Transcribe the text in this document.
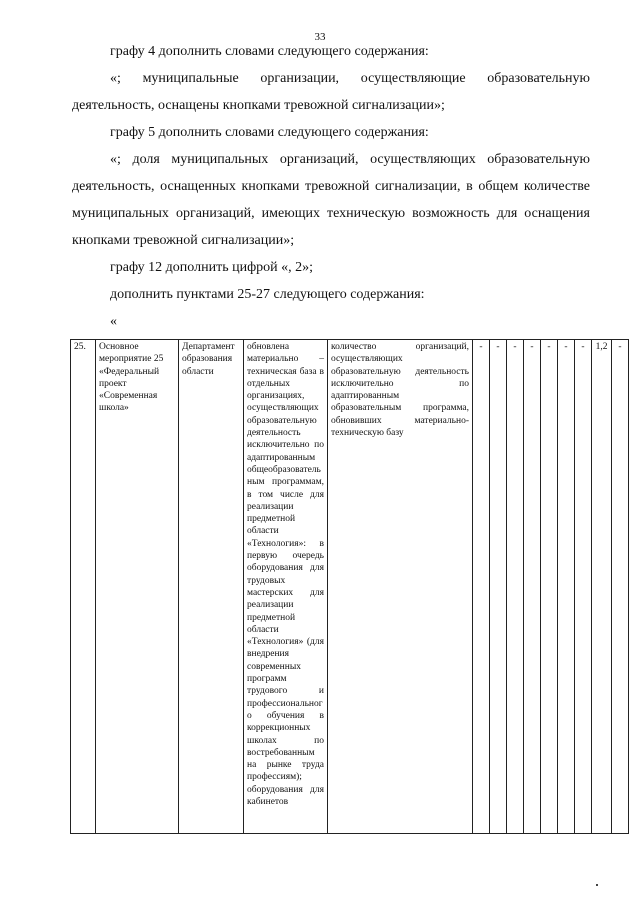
33
графу 4 дополнить словами следующего содержания:
«; муниципальные организации, осуществляющие образовательную деятельность, оснащены кнопками тревожной сигнализации»;
графу 5 дополнить словами следующего содержания:
«; доля муниципальных организаций, осуществляющих образовательную деятельность, оснащенных кнопками тревожной сигнализации, в общем количестве муниципальных организаций, имеющих техническую возможность для оснащения кнопками тревожной сигнализации»;
графу 12 дополнить цифрой «, 2»;
дополнить пунктами 25-27 следующего содержания:
«
25.	Основное мероприятие 25 «Федеральный проект «Современная школа»	Департамент образования области	обновлена материально – техническая база в отдельных организациях, осуществляющих образовательную деятельность исключительно по адаптированным общеобразовательным программам, в том числе для реализации предметной области «Технология»: в первую очередь оборудования для трудовых мастерских для реализации предметной области «Технология» (для внедрения современных программ трудового и профессионального обучения в коррекционных школах по востребованным на рынке труда профессиям); оборудования для кабинетов	количество организаций, осуществляющих образовательную деятельность исключительно по адаптированным образовательным программа, обновивших материально-техническую базу	-	-	-	-	-	-	-	1,2	-
